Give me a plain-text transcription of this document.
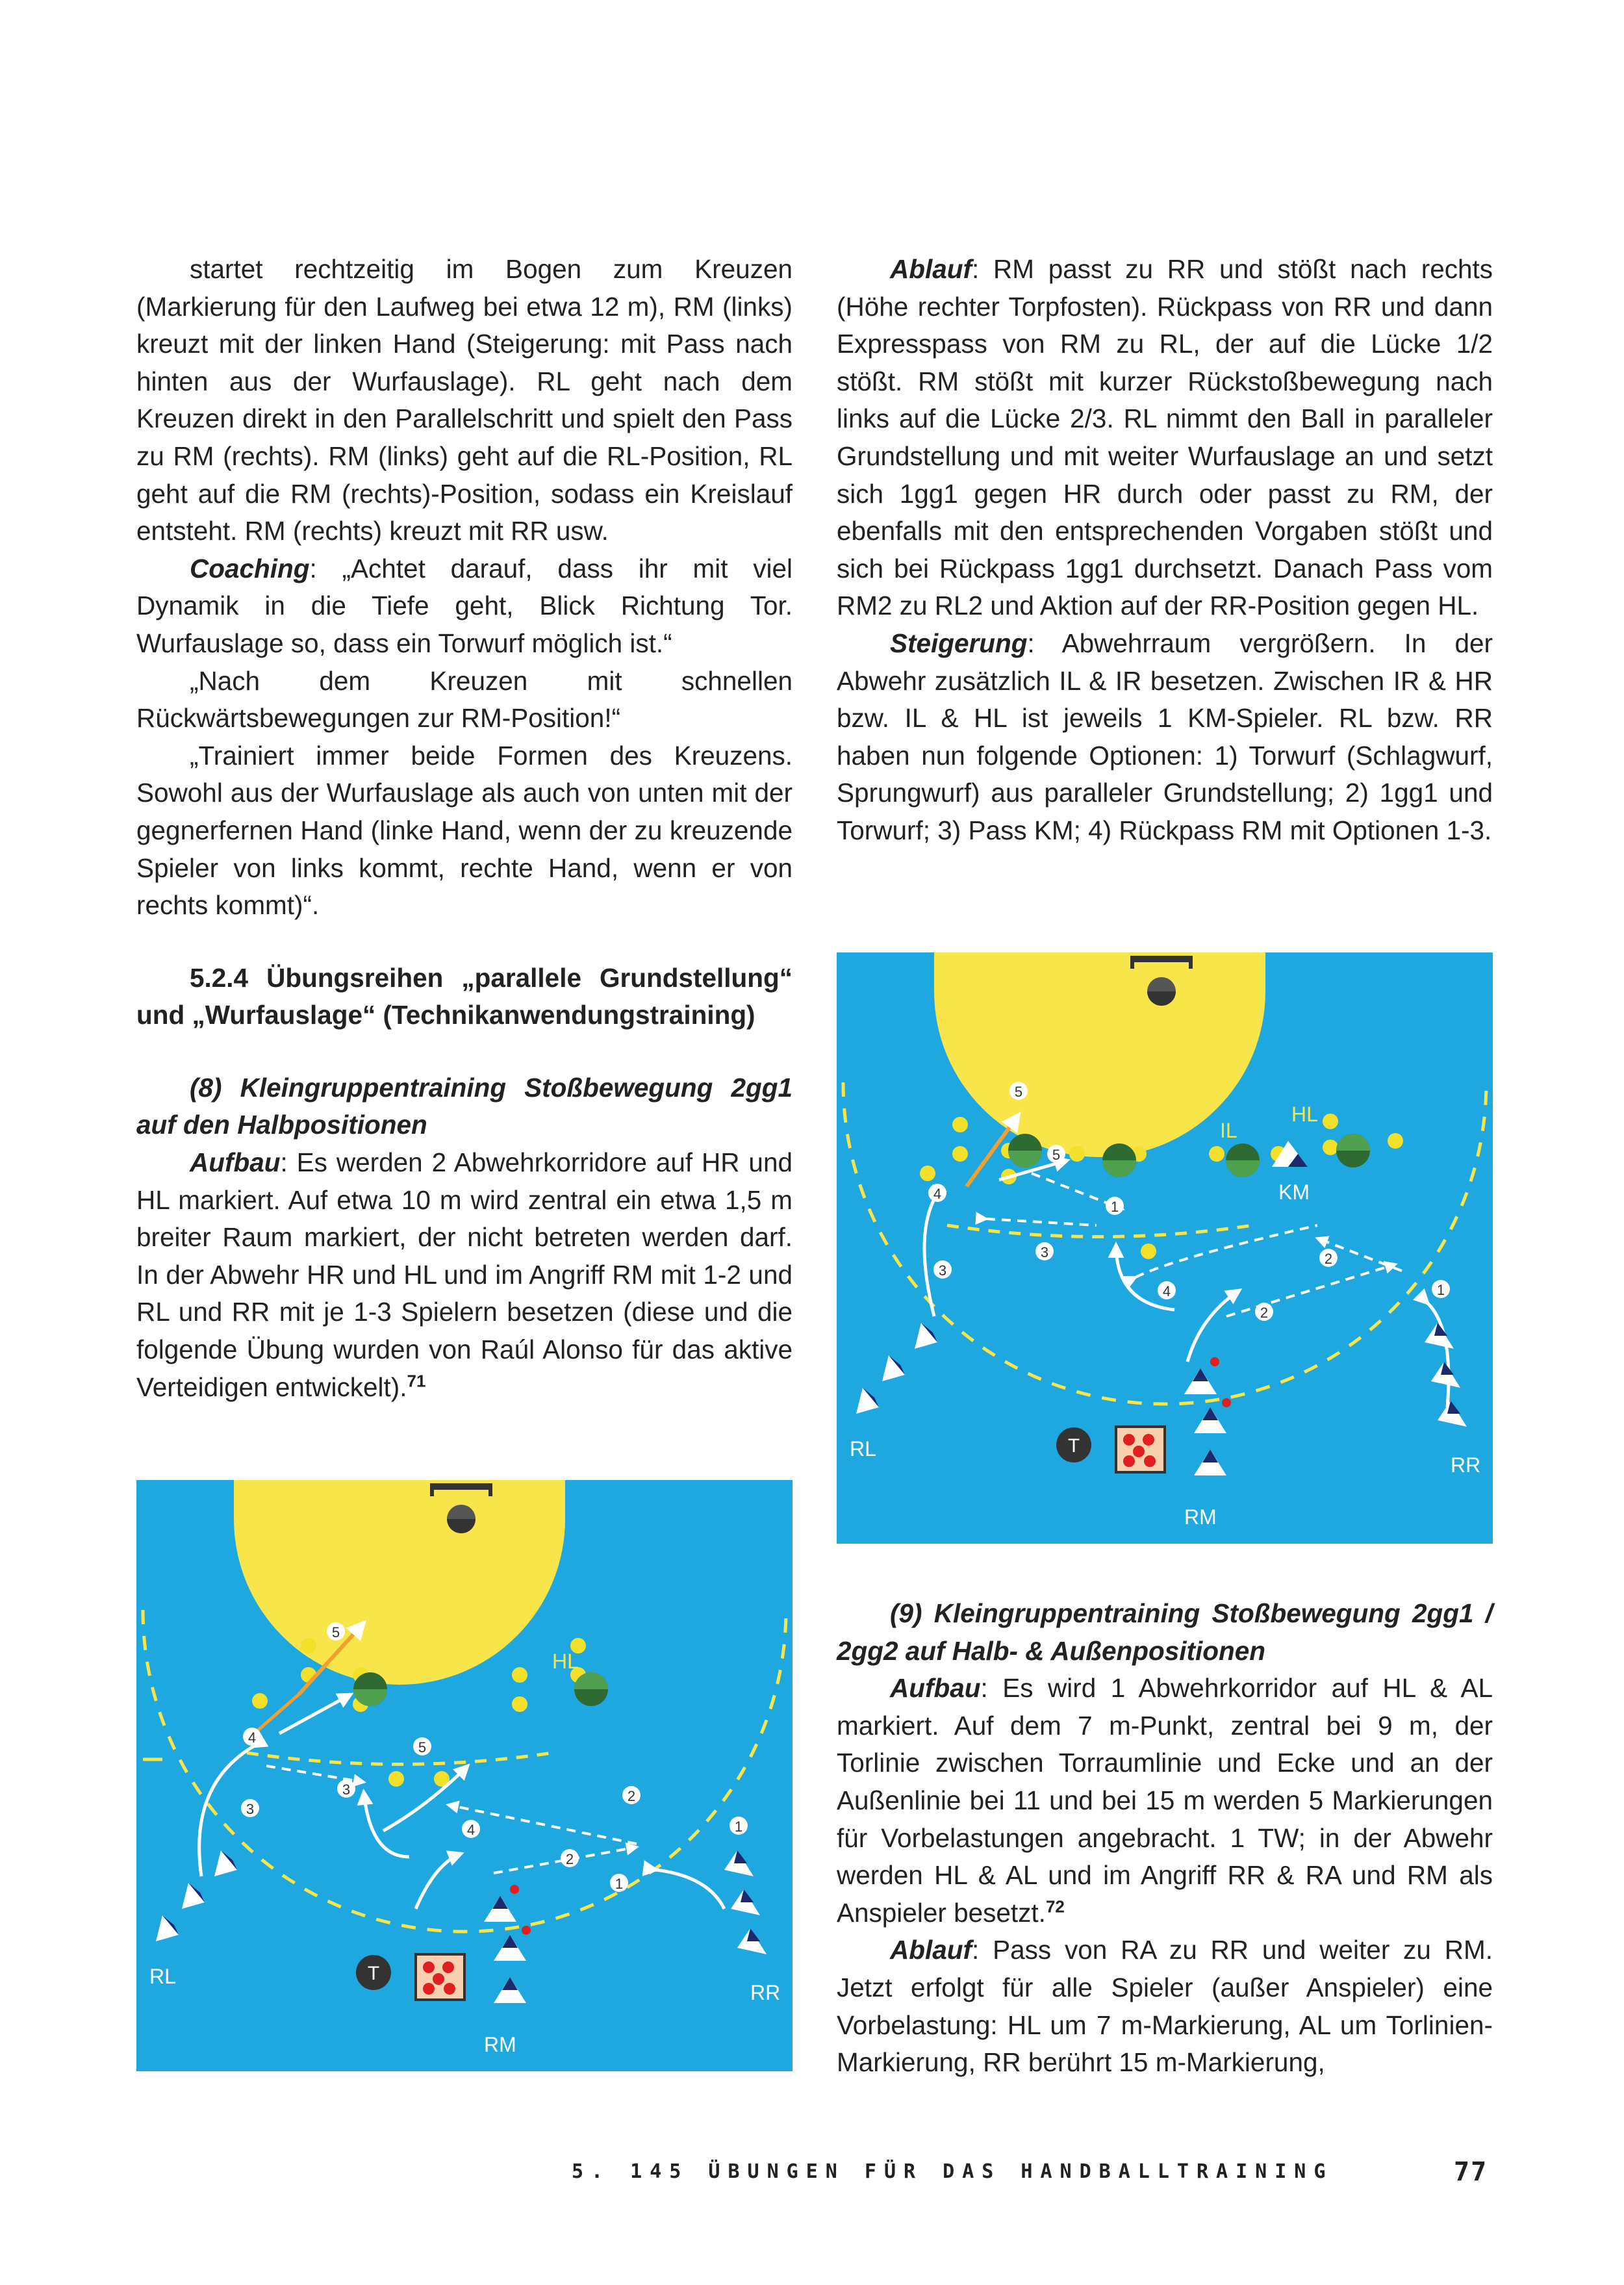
startet rechtzeitig im Bogen zum Kreuzen (Markierung für den Laufweg bei etwa 12 m), RM (links) kreuzt mit der linken Hand (Steigerung: mit Pass nach hinten aus der Wurfauslage). RL geht nach dem Kreuzen direkt in den Parallelschritt und spielt den Pass zu RM (rechts). RM (links) geht auf die RL-Position, RL geht auf die RM (rechts)-Position, sodass ein Kreislauf entsteht. RM (rechts) kreuzt mit RR usw.

Coaching: „Achtet darauf, dass ihr mit viel Dynamik in die Tiefe geht, Blick Richtung Tor. Wurfauslage so, dass ein Torwurf möglich ist.“

„Nach dem Kreuzen mit schnellen Rückwärtsbewegungen zur RM-Position!“

„Trainiert immer beide Formen des Kreuzens. Sowohl aus der Wurfauslage als auch von unten mit der gegnerfernen Hand (linke Hand, wenn der zu kreuzende Spieler von links kommt, rechte Hand, wenn er von rechts kommt)“.

5.2.4 Übungsreihen „parallele Grundstellung“ und „Wurfauslage“ (Technikanwendungstraining)

(8) Kleingruppentraining Stoßbewegung 2gg1 auf den Halbpositionen

Aufbau: Es werden 2 Abwehrkorridore auf HR und HL markiert. Auf etwa 10 m wird zentral ein etwa 1,5 m breiter Raum markiert, der nicht betreten werden darf. In der Abwehr HR und HL und im Angriff RM mit 1-2 und RL und RR mit je 1-3 Spielern besetzen (diese und die folgende Übung wurden von Raúl Alonso für das aktive Verteidigen entwickelt).$^{71}$

Ablauf: RM passt zu RR und stößt nach rechts (Höhe rechter Torpfosten). Rückpass von RR und dann Expresspass von RM zu RL, der auf die Lücke 1/2 stößt. RM stößt mit kurzer Rückstoßbewegung nach links auf die Lücke 2/3. RL nimmt den Ball in paralleler Grundstellung und mit weiter Wurfauslage an und setzt sich 1gg1 gegen HR durch oder passt zu RM, der ebenfalls mit den entsprechenden Vorgaben stößt und sich bei Rückpass 1gg1 durchsetzt. Danach Pass vom RM2 zu RL2 und Aktion auf der RR-Position gegen HL.

Steigerung: Abwehrraum vergrößern. In der Abwehr zusätzlich IL & IR besetzen. Zwischen IR & HR bzw. IL & HL ist jeweils 1 KM-Spieler. RL bzw. RR haben nun folgende Optionen: 1) Torwurf (Schlagwurf, Sprungwurf) aus paralleler Grundstellung; 2) 1gg1 und Torwurf; 3) Pass KM; 4) Rückpass RM mit Optionen 1-3.

(9) Kleingruppentraining Stoßbewegung 2gg1 / 2gg2 auf Halb- & Außenpositionen

Aufbau: Es wird 1 Abwehrkorridor auf HL & AL markiert. Auf dem 7 m-Punkt, zentral bei 9 m, der Torlinie zwischen Torraumlinie und Ecke und an der Außenlinie bei 11 und bei 15 m werden 5 Markierungen für Vorbelastungen angebracht. 1 TW; in der Abwehr werden HL & AL und im Angriff RR & RA und RM als Anspieler besetzt.$^{72}$

Ablauf: Pass von RA zu RR und weiter zu RM. Jetzt erfolgt für alle Spieler (außer Anspieler) eine Vorbelastung: HL um 7 m-Markierung, AL um Torlinien-Markierung, RR berührt 15 m-Markierung,

HR	HL
5
4
5
3
3
2
4	1
2
1
T
RL
RR
RM
HR IR	IL
HL
KM
5
4
5
1
3
3
2
4	1
2
T
RL
RR
RM
5. 145 ÜBUNGEN FÜR DAS HANDBALLTRAINING	77
